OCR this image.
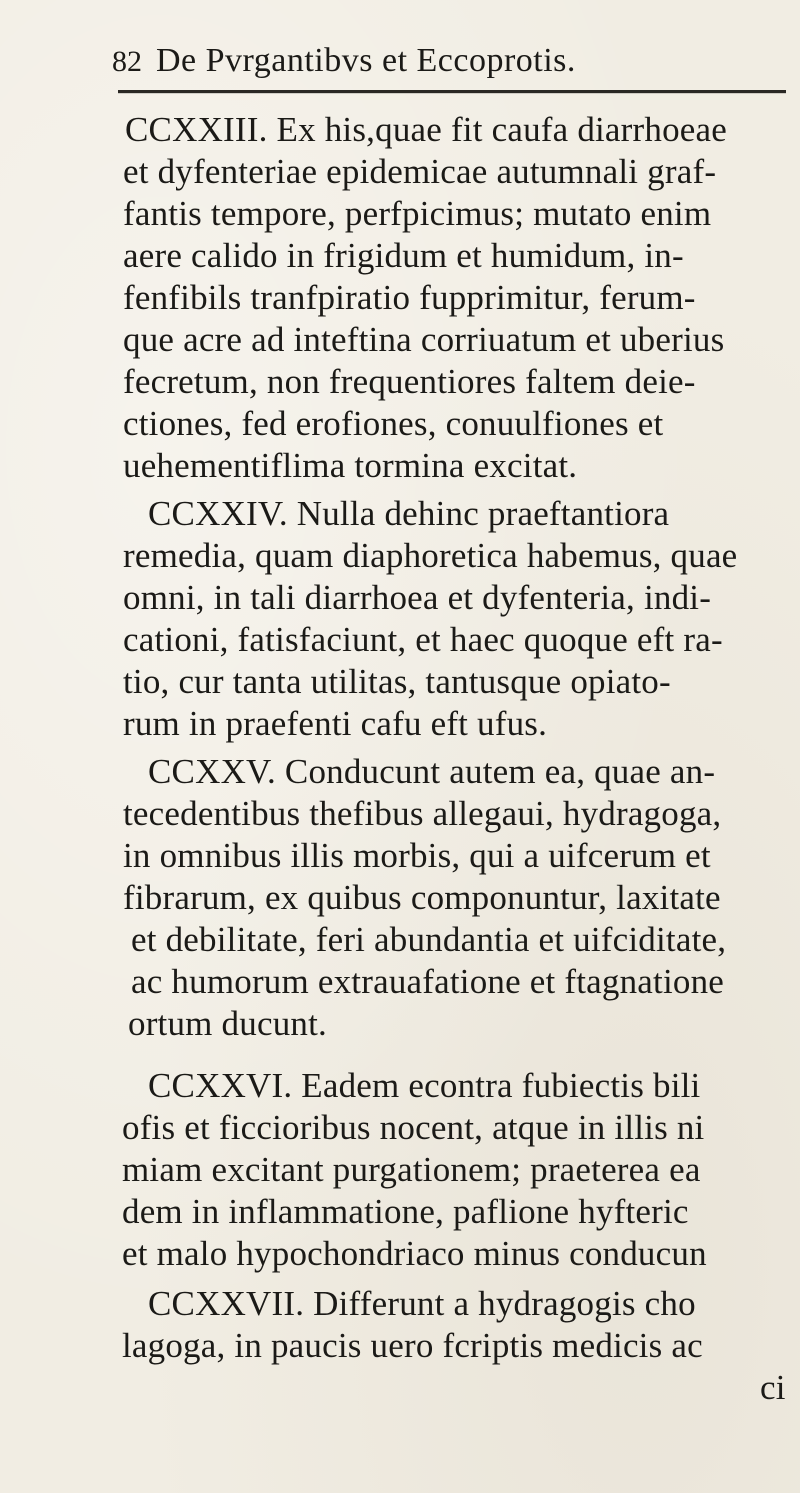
82 De Pvrgantibvs et Eccoprotis.
CCXXIII. Ex his,quae fit caufa diarrhoeae
et dyfenteriae epidemicae autumnali graf-
fantis tempore, perfpicimus; mutato enim
aere calido in frigidum et humidum, in-
fenfibils tranfpiratio fupprimitur, ferum-
que acre ad inteftina corriuatum et uberius
fecretum, non frequentiores faltem deie-
ctiones, fed erofiones, conuulfiones et
uehementiflima tormina excitat.
CCXXIV. Nulla dehinc praeftantiora
remedia, quam diaphoretica habemus, quae
omni, in tali diarrhoea et dyfenteria, indi-
cationi, fatisfaciunt, et haec quoque eft ra-
tio, cur tanta utilitas, tantusque opiato-
rum in praefenti cafu eft ufus.
CCXXV. Conducunt autem ea, quae an-
tecedentibus thefibus allegaui, hydragoga,
in omnibus illis morbis, qui a uifcerum et
fibrarum, ex quibus componuntur, laxitate
et debilitate, feri abundantia et uifciditate,
ac humorum extrauafatione et ftagnatione
ortum ducunt.
CCXXVI. Eadem econtra fubiectis bili
ofis et ficcioribus nocent, atque in illis ni
miam excitant purgationem; praeterea ea
dem in inflammatione, paflione hyfteric
et malo hypochondriaco minus conducun
CCXXVII. Differunt a hydragogis cho
lagoga, in paucis uero fcriptis medicis ac
ci
